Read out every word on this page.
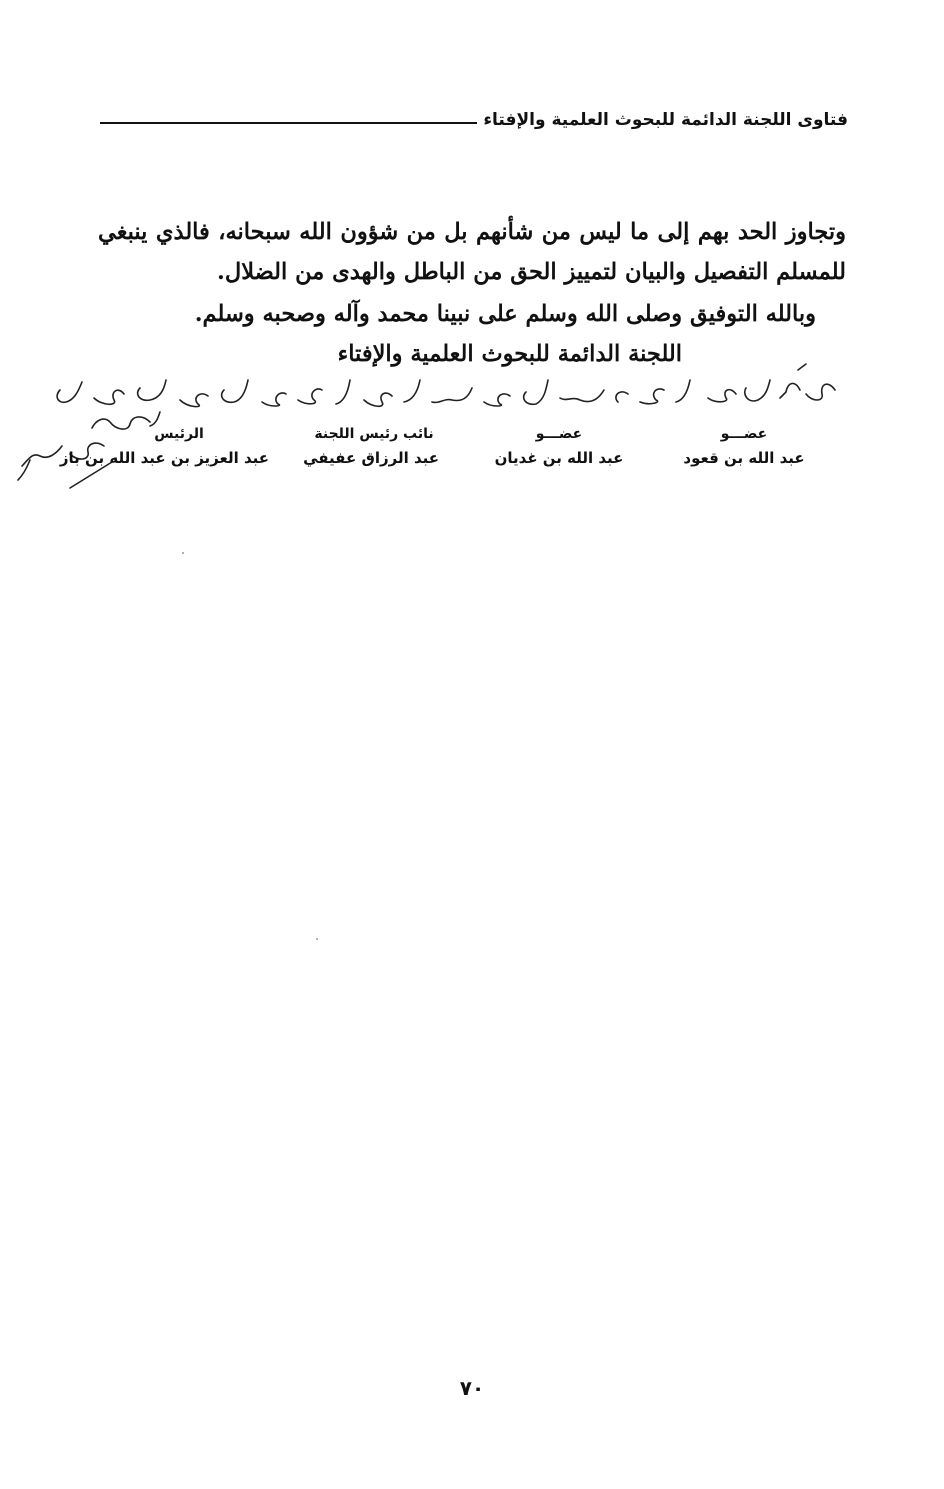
فتاوى اللجنة الدائمة للبحوث العلمية والإفتاء

وتجاوز الحد بهم إلى ما ليس من شأنهم بل من شؤون الله سبحانه، فالذي ينبغي للمسلم التفصيل والبيان لتمييز الحق من الباطل والهدى من الضلال.

وبالله التوفيق وصلى الله وسلم على نبينا محمد وآله وصحبه وسلم.
اللجنة الدائمة للبحوث العلمية والإفتاء
عضـــو
عبد الله بن قعود
عضـــو
عبد الله بن غديان
نائب رئيس اللجنة
عبد الرزاق عفيفي
الرئيس
عبد العزيز بن عبد الله بن باز
٧٠
